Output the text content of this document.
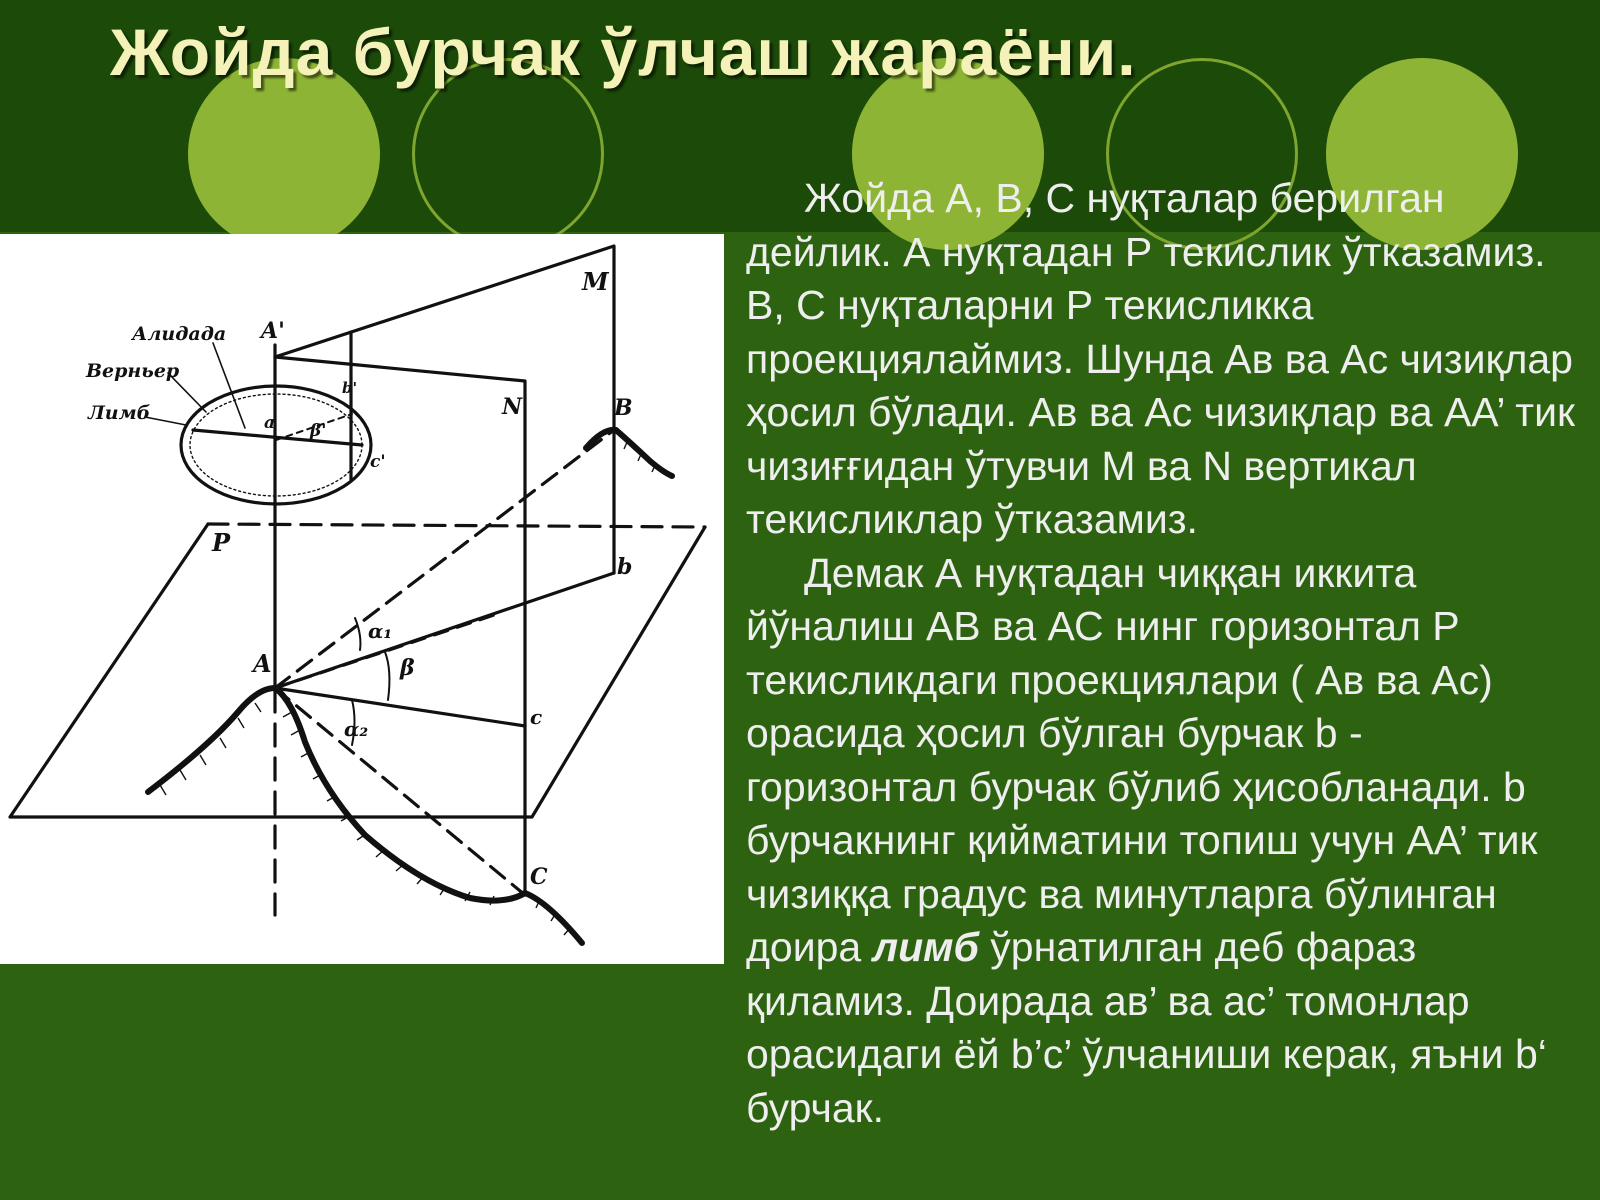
Жойда бурчак ўлчаш жараёни.
Алидада
Верньер
Лимб
A'
M
N	B
b
c
C
A
P
a
c'
b'
β'
β
α₁
α₂

Жойда А, В, С нуқталар берилган дейлик. А нуқтадан Р текислик ўтказамиз. В, С нуқталарни Р текисликка проекциялаймиз. Шунда Ав ва Ас чизиқлар ҳосил бўлади. Ав ва Ас чизиқлар ва АА’ тик чизиғғидан ўтувчи М ва N вертикал текисликлар ўтказамиз.

Демак А нуқтадан чиққан иккита йўналиш АВ ва АС нинг горизонтал Р текисликдаги проекциялари ( Ав ва Ас) орасида ҳосил бўлган бурчак b - горизонтал бурчак бўлиб ҳисобланади. b бурчакнинг қийматини топиш учун АА’ тик чизиққа градус ва минутларга бўлинган доира лимб ўрнатилган деб фараз қиламиз. Доирада ав’ ва ас’ томонлар орасидаги ёй b’c’ ўлчаниши керак, яъни b‘ бурчак.
